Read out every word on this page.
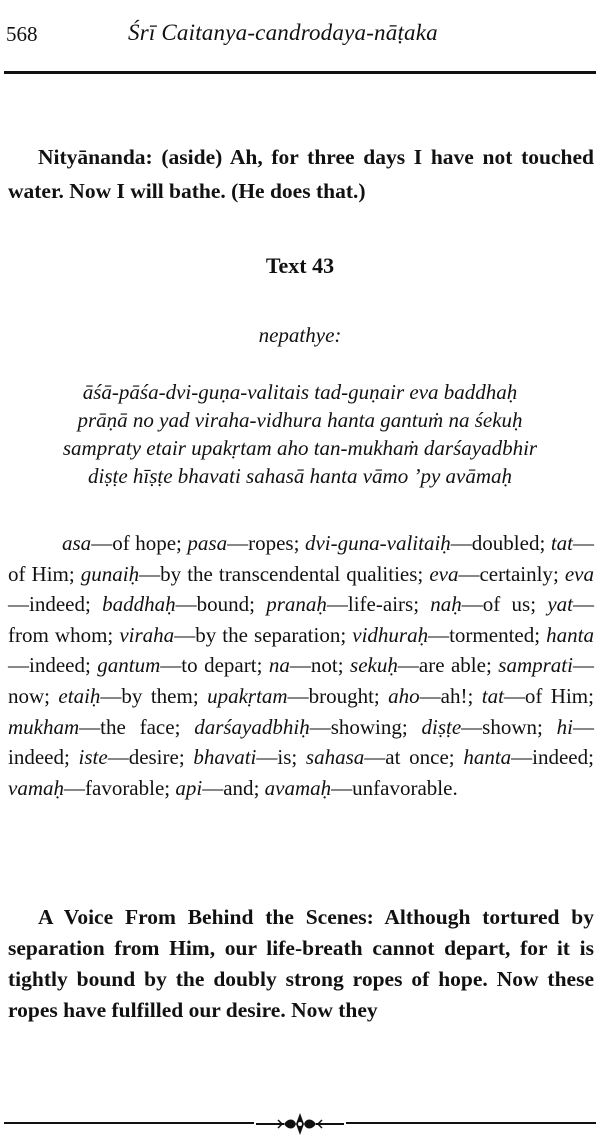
568	Śrī Caitanya-candrodaya-nāṭaka
Nityānanda: (aside) Ah, for three days I have not touched water. Now I will bathe. (He does that.)
Text 43
nepathye:
āśā-pāśa-dvi-guṇa-valitais tad-guṇair eva baddhaḥ
prāṇā no yad viraha-vidhura hanta gantuṁ na śekuḥ
sampraty etair upakṛtam aho tan-mukhaṁ darśayadbhir
diṣṭe hīṣṭe bhavati sahasā hanta vāmo ’py avāmaḥ
asa—of hope; pasa—ropes; dvi-guna-valitaiḥ—doubled; tat—of Him; gunaiḥ—by the transcendental qualities; eva—certainly; eva—indeed; baddhaḥ—bound; pranaḥ—life-airs; naḥ—of us; yat—from whom; viraha—by the separation; vidhuraḥ—tormented; hanta—indeed; gantum—to depart; na—not; sekuḥ—are able; samprati—now; etaiḥ—by them; upakṛtam—brought; aho—ah!; tat—of Him; mukham—the face; darśayadbhiḥ—showing; diṣṭe—shown; hi—indeed; iste—desire; bhavati—is; sahasa—at once; hanta—indeed; vamaḥ—favorable; api—and; avamaḥ—unfavorable.
A Voice From Behind the Scenes: Although tortured by separation from Him, our life-breath cannot depart, for it is tightly bound by the doubly strong ropes of hope. Now these ropes have fulfilled our desire. Now they
